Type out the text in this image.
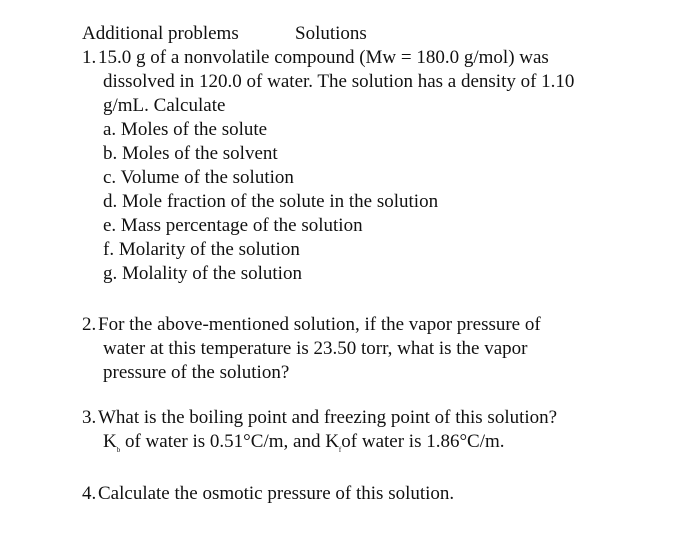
Additional problems	Solutions
1. 15.0 g of a nonvolatile compound (Mw = 180.0 g/mol) was
dissolved in 120.0 of water. The solution has a density of 1.10
g/mL. Calculate
a. Moles of the solute
b. Moles of the solvent
c. Volume of the solution
d. Mole fraction of the solute in the solution
e. Mass percentage of the solution
f. Molarity of the solution
g. Molality of the solution
2. For the above-mentioned solution, if the vapor pressure of
water at this temperature is 23.50 torr, what is the vapor
pressure of the solution?
3. What is the boiling point and freezing point of this solution?
$K_b$ of water is 0.51°C/m, and $K_fof$ water is 1.86°C/m.
4. Calculate the osmotic pressure of this solution.
